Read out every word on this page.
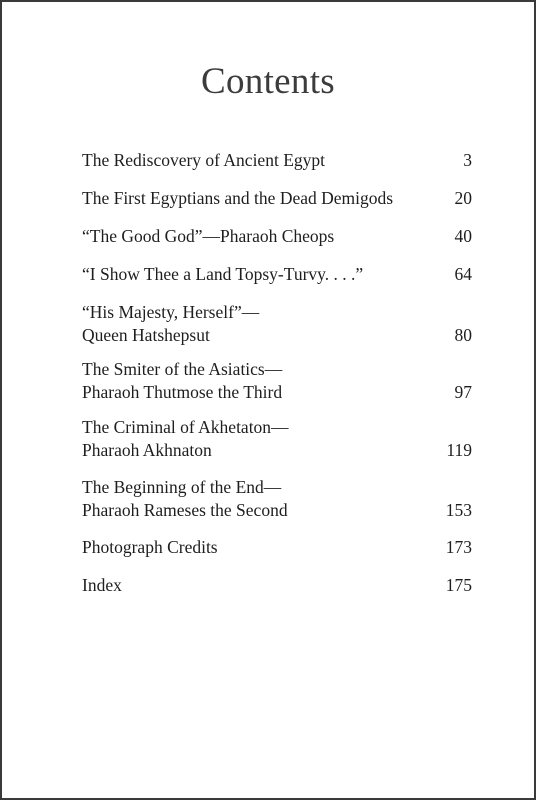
Contents
The Rediscovery of Ancient Egypt	3
The First Egyptians and the Dead Demigods	20
“The Good God”—Pharaoh Cheops	40
“I Show Thee a Land Topsy-Turvy. . . .”	64
“His Majesty, Herself”—
Queen Hatshepsut	80
The Smiter of the Asiatics—
Pharaoh Thutmose the Third	97
The Criminal of Akhetaton—
Pharaoh Akhnaton	119
The Beginning of the End—
Pharaoh Rameses the Second	153
Photograph Credits	173
Index	175
